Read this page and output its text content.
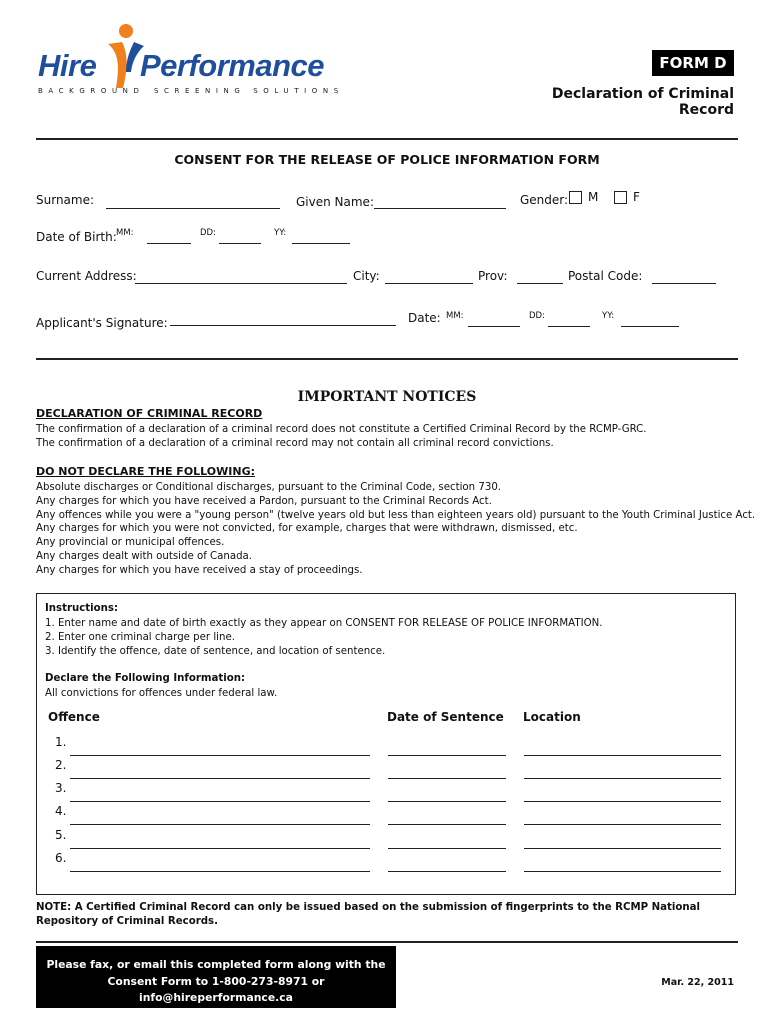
Hire Performance
BACKGROUND SCREENING SOLUTIONS
FORM D
Declaration of Criminal Record
CONSENT FOR THE RELEASE OF POLICE INFORMATION FORM
Surname:	Given Name:	Gender: M	F
Date of Birth: MM:	DD:	YY:
Current Address:	City:	Prov:	Postal Code:
Applicant's Signature:	Date: MM:	DD:	YY:
IMPORTANT NOTICES
DECLARATION OF CRIMINAL RECORD
The confirmation of a declaration of a criminal record does not constitute a Certified Criminal Record by the RCMP-GRC.
The confirmation of a declaration of a criminal record may not contain all criminal record convictions.
DO NOT DECLARE THE FOLLOWING:
Absolute discharges or Conditional discharges, pursuant to the Criminal Code, section 730.
Any charges for which you have received a Pardon, pursuant to the Criminal Records Act.
Any offences while you were a "young person" (twelve years old but less than eighteen years old) pursuant to the Youth Criminal Justice Act.
Any charges for which you were not convicted, for example, charges that were withdrawn, dismissed, etc.
Any provincial or municipal offences.
Any charges dealt with outside of Canada.
Any charges for which you have received a stay of proceedings.
Instructions:
1. Enter name and date of birth exactly as they appear on CONSENT FOR RELEASE OF POLICE INFORMATION.
2. Enter one criminal charge per line.
3. Identify the offence, date of sentence, and location of sentence.
Declare the Following Information:
All convictions for offences under federal law.
Offence	Date of Sentence Location
1.
2.
3.
4.
5.
6.
NOTE: A Certified Criminal Record can only be issued based on the submission of fingerprints to the RCMP National Repository of Criminal Records.
Please fax, or email this completed form along with the
Consent Form to 1-800-273-8971 or info@hireperformance.ca
Mar. 22, 2011
